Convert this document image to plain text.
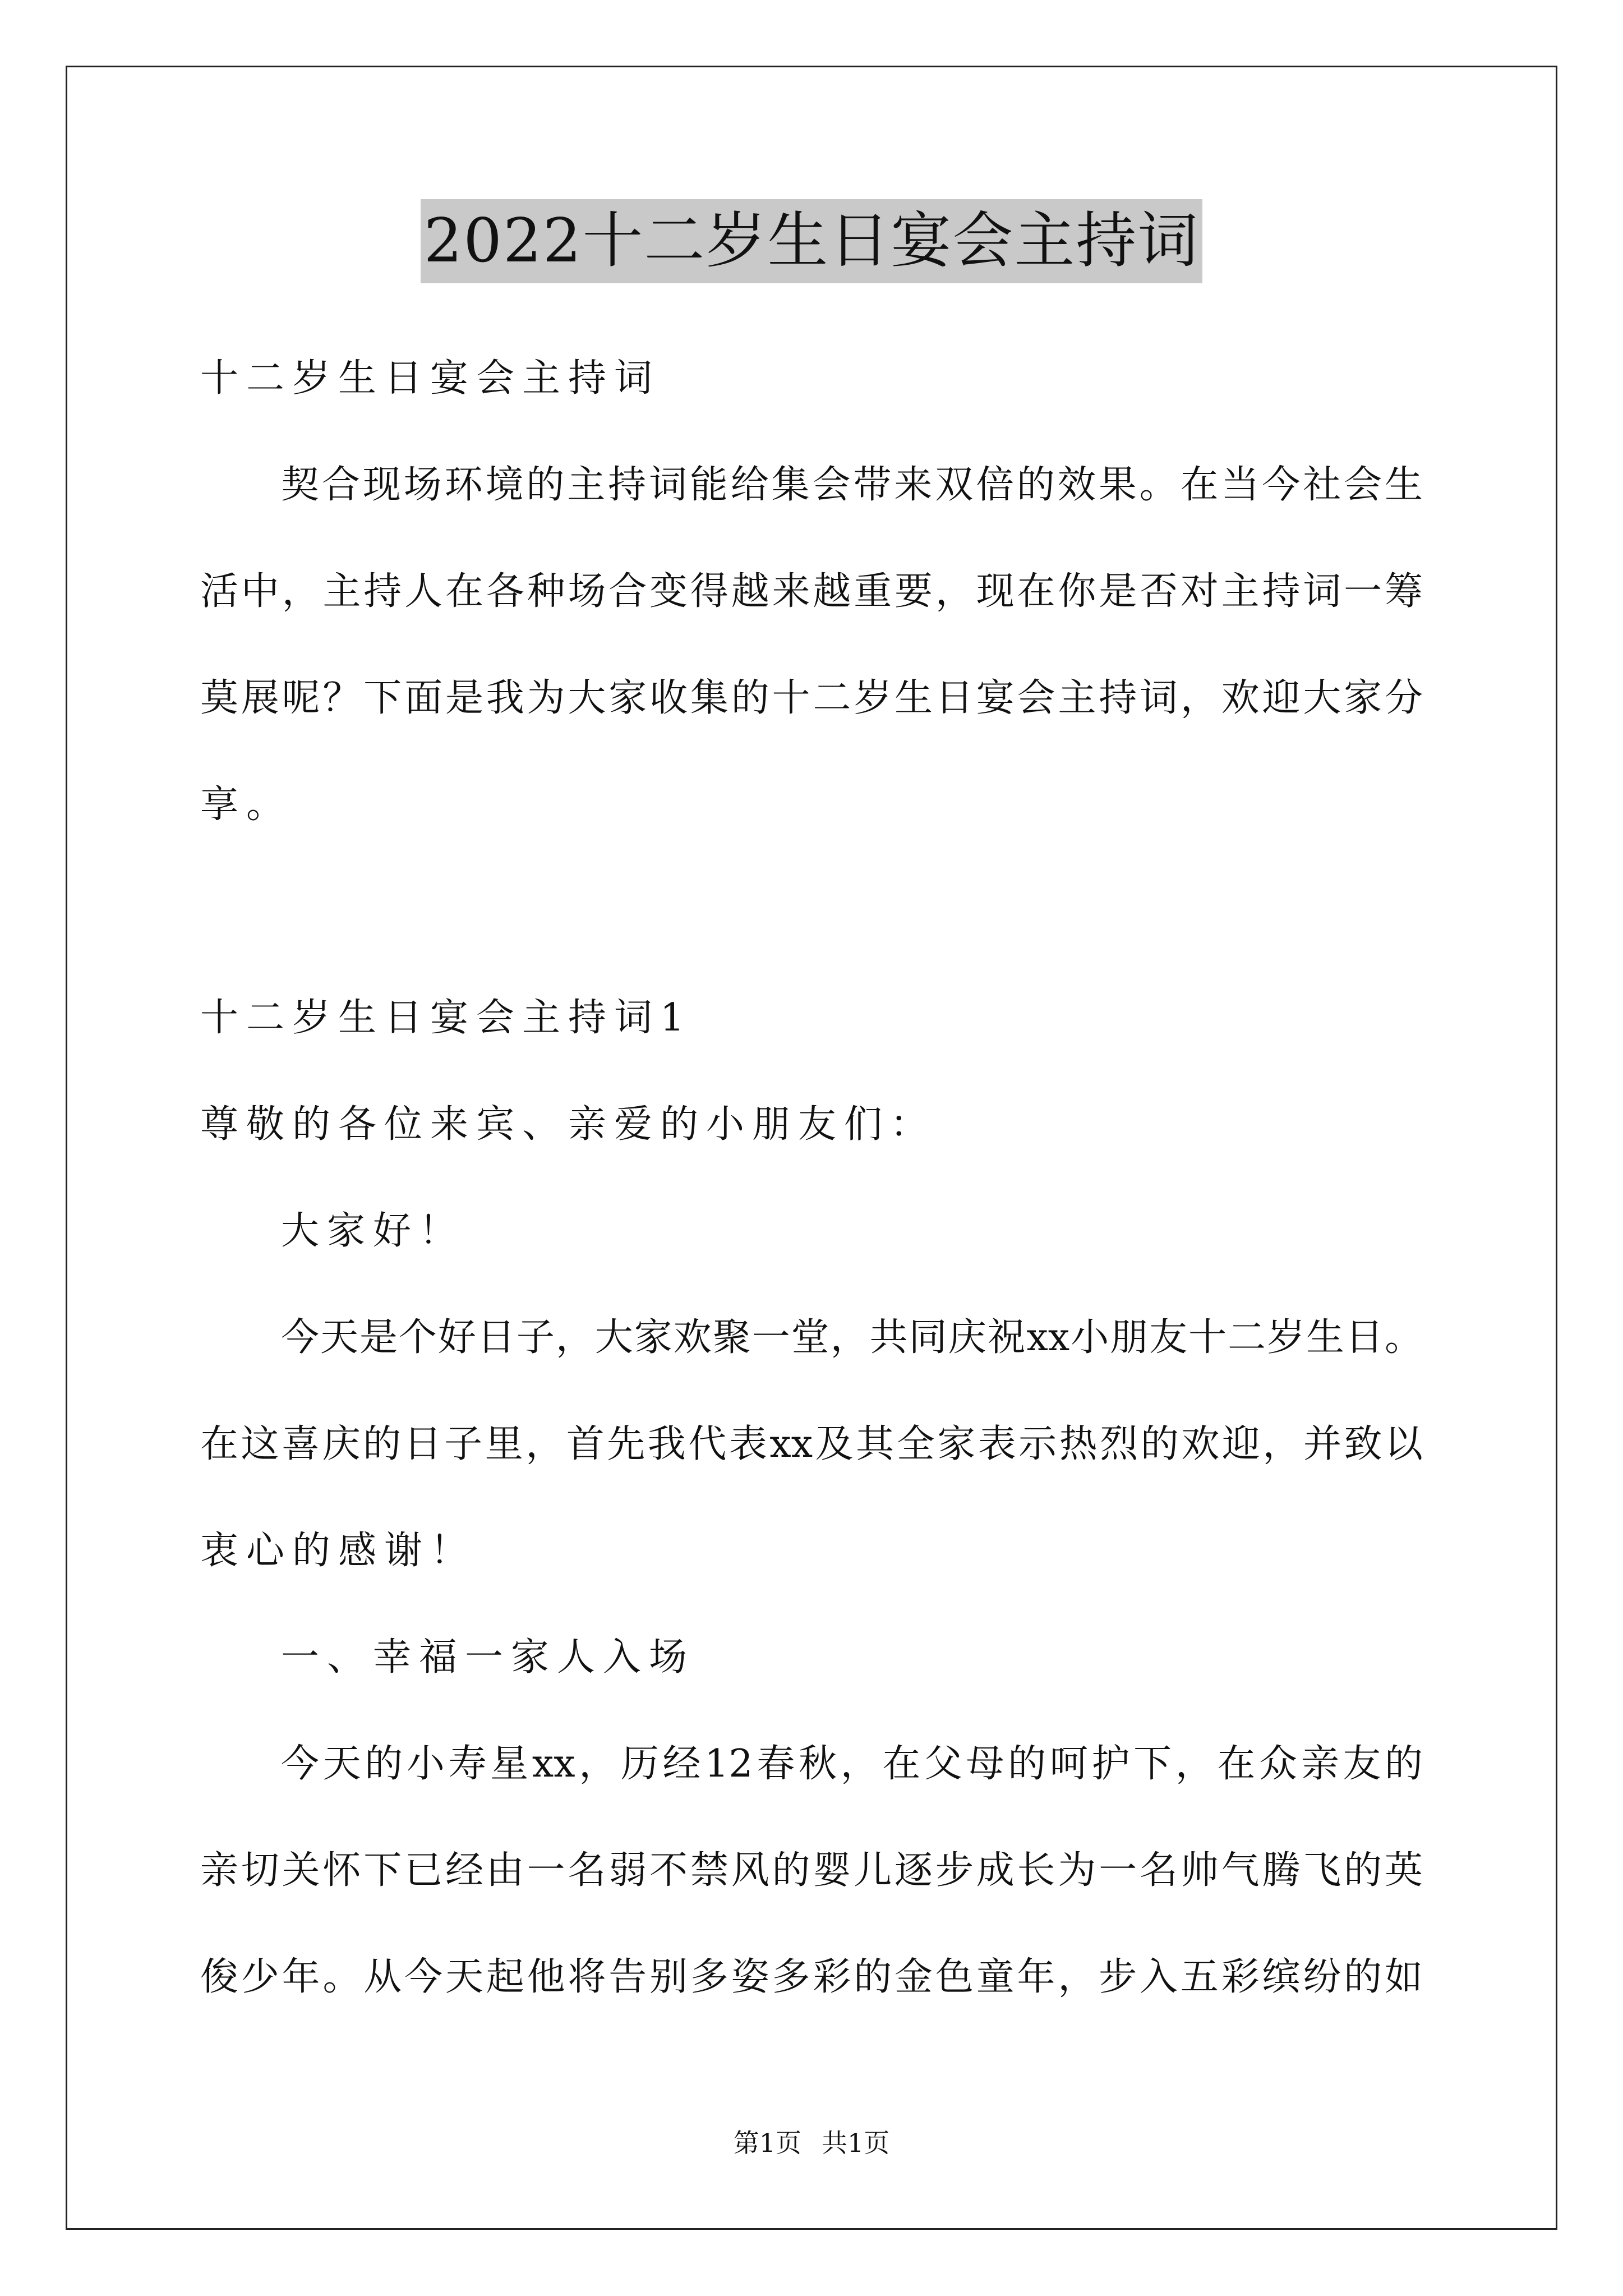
2022十二岁生日宴会主持词
十二岁生日宴会主持词
契合现场环境的主持词能给集会带来双倍的效果。在当今社会生
活中，主持人在各种场合变得越来越重要，现在你是否对主持词一筹
莫展呢？下面是我为大家收集的十二岁生日宴会主持词，欢迎大家分
享。
十二岁生日宴会主持词1
尊敬的各位来宾、亲爱的小朋友们：
大家好！
今天是个好日子，大家欢聚一堂，共同庆祝xx小朋友十二岁生日。
在这喜庆的日子里，首先我代表xx及其全家表示热烈的欢迎，并致以
衷心的感谢！
一、幸福一家人入场
今天的小寿星xx，历经12春秋，在父母的呵护下，在众亲友的
亲切关怀下已经由一名弱不禁风的婴儿逐步成长为一名帅气腾飞的英
俊少年。从今天起他将告别多姿多彩的金色童年，步入五彩缤纷的如
第1页 共1页
